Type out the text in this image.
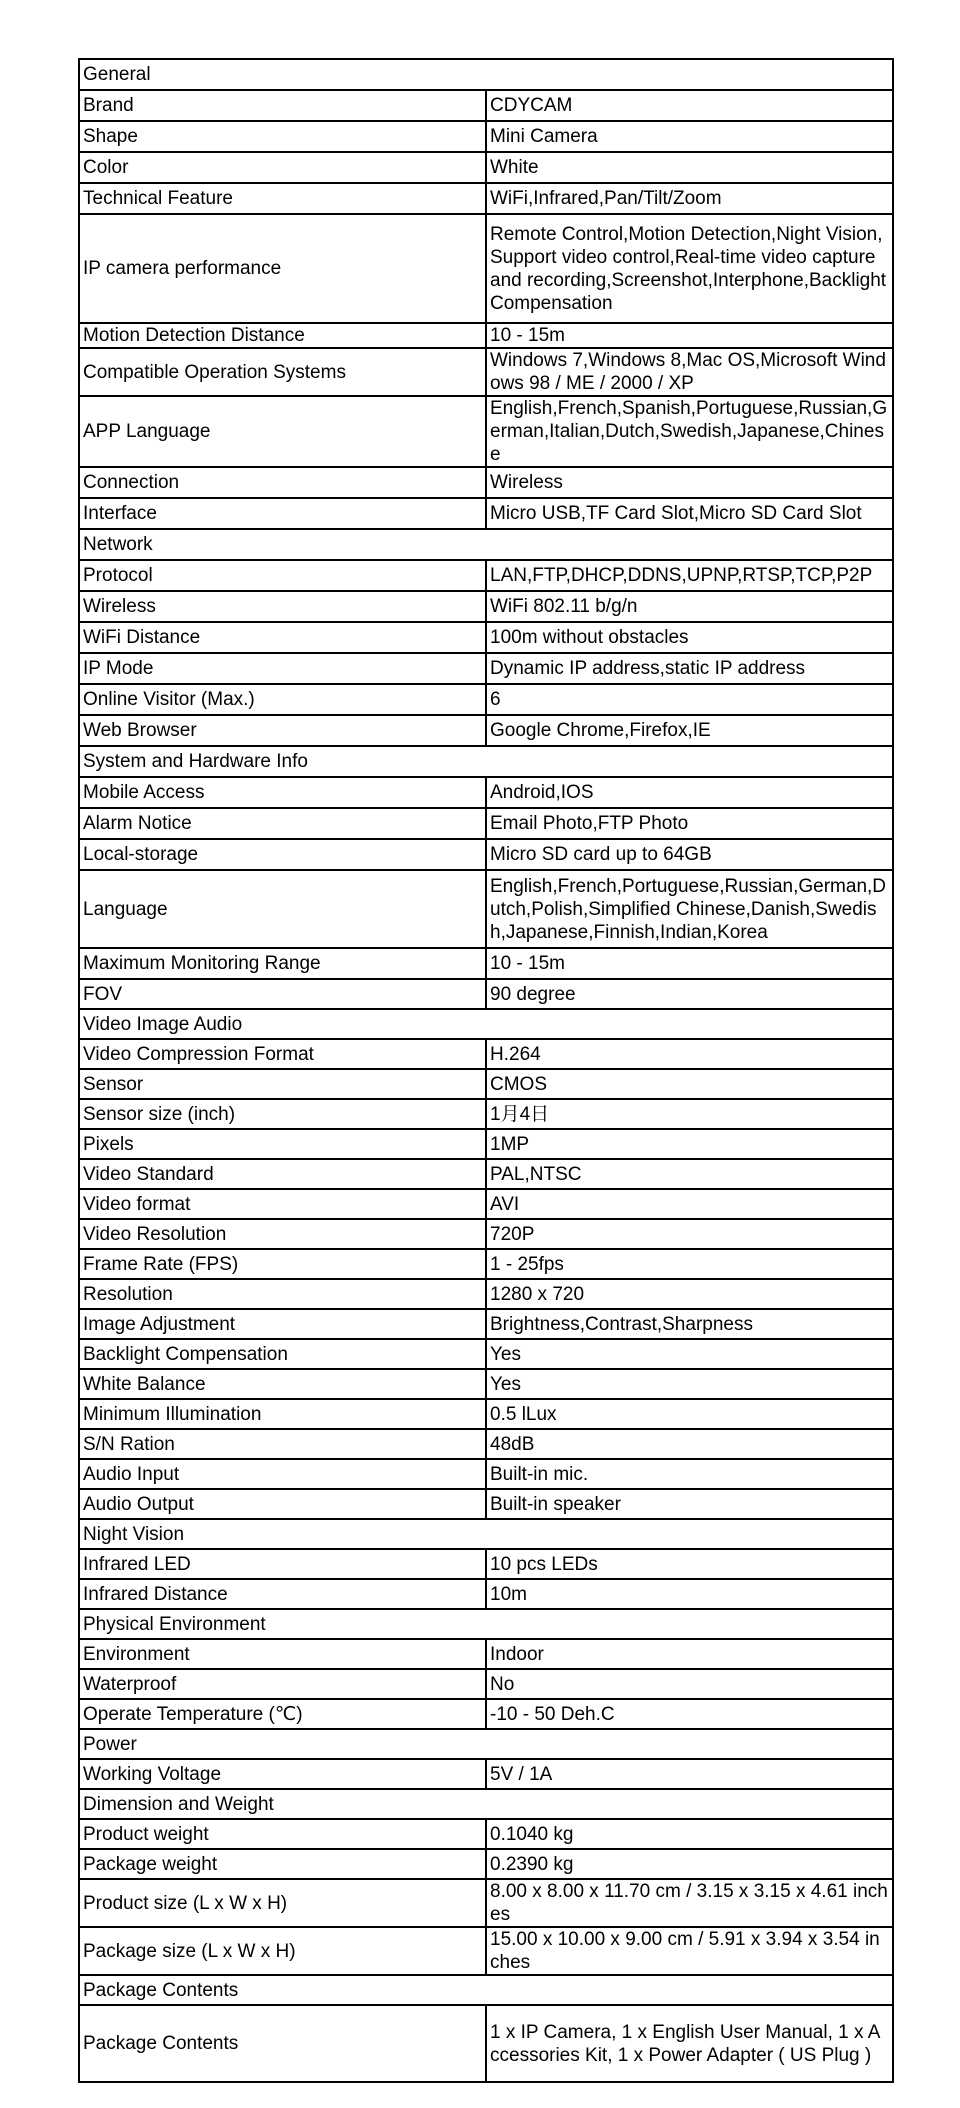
General	
Brand	CDYCAM
Shape	Mini Camera
Color	White
Technical Feature	WiFi,Infrared,Pan/Tilt/Zoom
IP camera performance	Remote Control,Motion Detection,Night Vision,Support video control,Real-time video capture and recording,Screenshot,Interphone,Backlight Compensation
Motion Detection Distance	10 - 15m
Compatible Operation Systems	Windows 7,Windows 8,Mac OS,Microsoft Windows 98 / ME / 2000 / XP
APP Language	English,French,Spanish,Portuguese,Russian,German,Italian,Dutch,Swedish,Japanese,Chinese
Connection	Wireless
Interface	Micro USB,TF Card Slot,Micro SD Card Slot
Network	
Protocol	LAN,FTP,DHCP,DDNS,UPNP,RTSP,TCP,P2P
Wireless	WiFi 802.11 b/g/n
WiFi Distance	100m without obstacles
IP Mode	Dynamic IP address,static IP address
Online Visitor (Max.)	6
Web Browser	Google Chrome,Firefox,IE
System and Hardware Info	
Mobile Access	Android,IOS
Alarm Notice	Email Photo,FTP Photo
Local-storage	Micro SD card up to 64GB
Language	English,French,Portuguese,Russian,German,Dutch,Polish,Simplified Chinese,Danish,Swedish,Japanese,Finnish,Indian,Korea
Maximum Monitoring Range	10 - 15m
FOV	90 degree
Video Image Audio	
Video Compression Format	H.264
Sensor	CMOS
Sensor size (inch)	1月4日
Pixels	1MP
Video Standard	PAL,NTSC
Video format	AVI
Video Resolution	720P
Frame Rate (FPS)	1 - 25fps
Resolution	1280 x 720
Image Adjustment	Brightness,Contrast,Sharpness
Backlight Compensation	Yes
White Balance	Yes
Minimum Illumination	0.5 lLux
S/N Ration	48dB
Audio Input	Built-in mic.
Audio Output	Built-in speaker
Night Vision	
Infrared LED	10 pcs LEDs
Infrared Distance	10m
Physical Environment	
Environment	Indoor
Waterproof	No
Operate Temperature (℃)	-10 - 50 Deh.C
Power	
Working Voltage	5V / 1A
Dimension and Weight	
Product weight	0.1040 kg
Package weight	0.2390 kg
Product size (L x W x H)	8.00 x 8.00 x 11.70 cm / 3.15 x 3.15 x 4.61 inches
Package size (L x W x H)	15.00 x 10.00 x 9.00 cm / 5.91 x 3.94 x 3.54 inches
Package Contents	
Package Contents	1 x IP Camera, 1 x English User Manual, 1 x Accessories Kit, 1 x Power Adapter ( US Plug )
